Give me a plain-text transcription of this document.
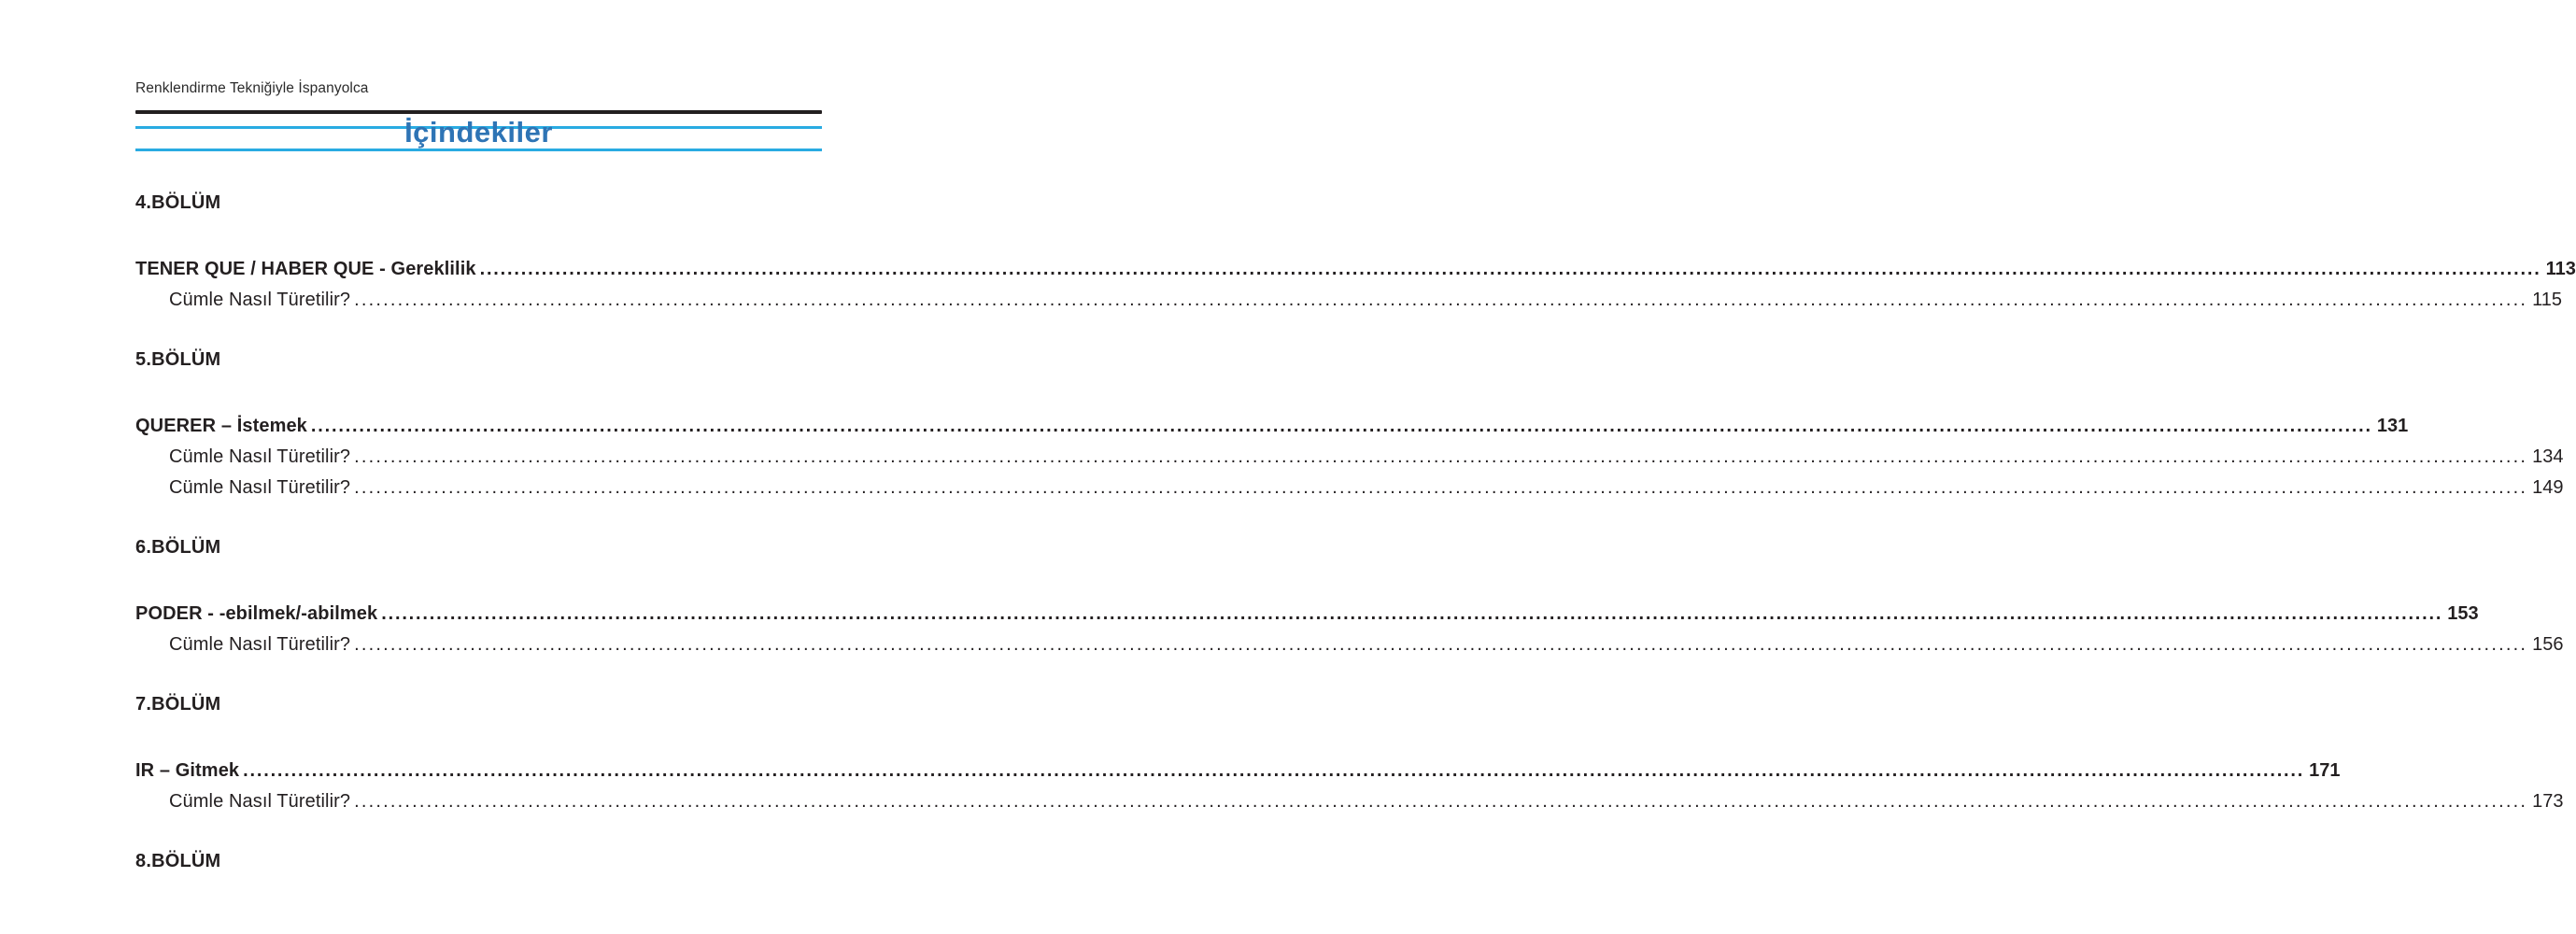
Renklendirme Tekniğiyle İspanyolca
İçindekiler
4.BÖLÜM
TENER QUE / HABER QUE - Gereklilik ............................................................................................................................................................................................................................................................................................................ 113
Cümle Nasıl Türetilir? ............................................................................................................................................................................................................................................................................................................ 115
5.BÖLÜM
QUERER – İstemek ............................................................................................................................................................................................................................................................................................................ 131
Cümle Nasıl Türetilir? ............................................................................................................................................................................................................................................................................................................ 134
Cümle Nasıl Türetilir? ............................................................................................................................................................................................................................................................................................................ 149
6.BÖLÜM
PODER - -ebilmek/-abilmek ............................................................................................................................................................................................................................................................................................................ 153
Cümle Nasıl Türetilir? ............................................................................................................................................................................................................................................................................................................ 156
7.BÖLÜM
IR – Gitmek ............................................................................................................................................................................................................................................................................................................ 171
Cümle Nasıl Türetilir? ............................................................................................................................................................................................................................................................................................................ 173
8.BÖLÜM
